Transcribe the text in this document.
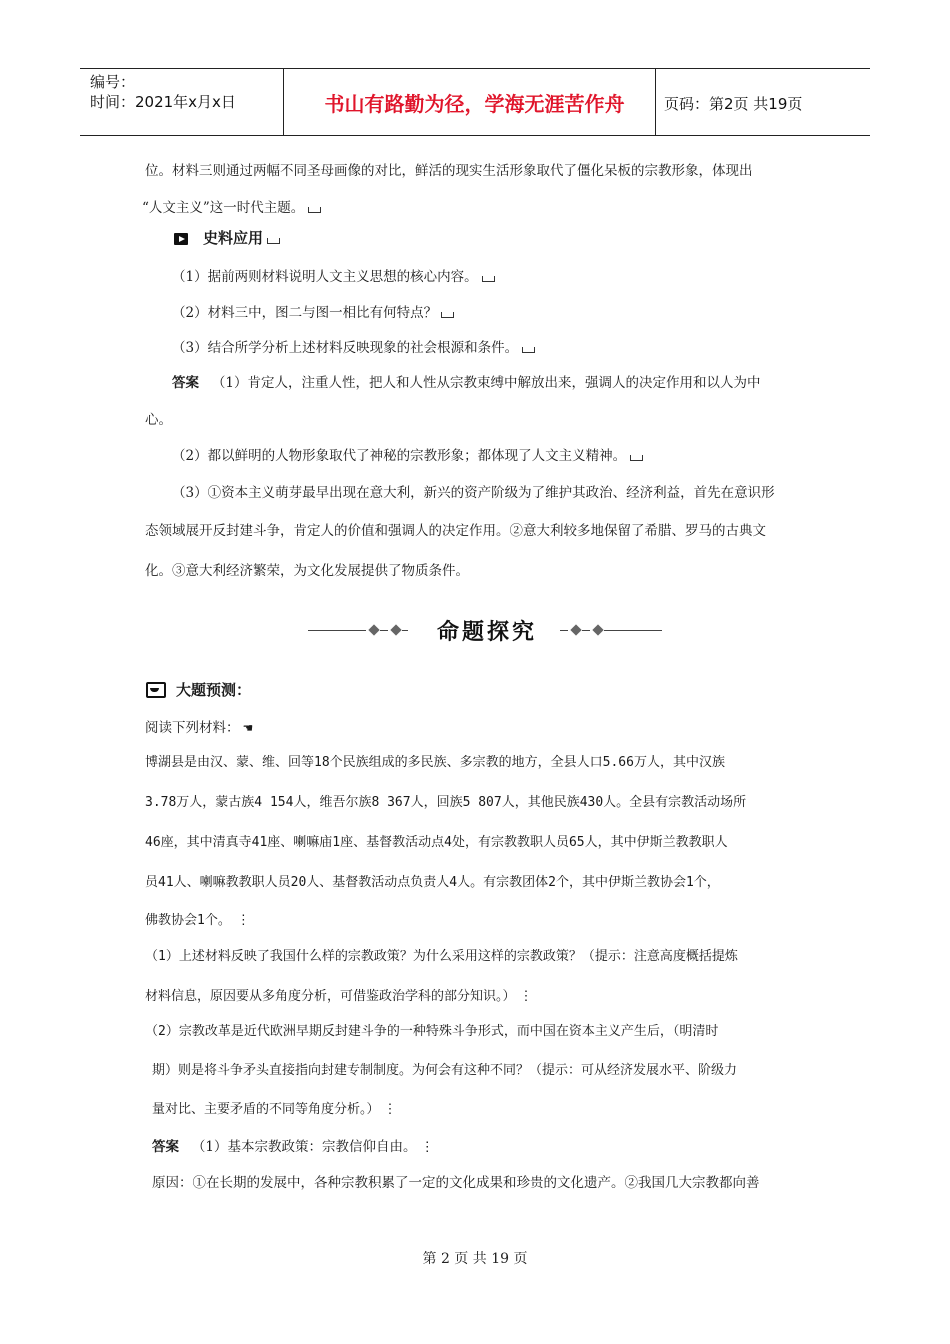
编号：
时间：2021年x月x日	书山有路勤为径，学海无涯苦作舟	页码：第2页 共19页
位。材料三则通过两幅不同圣母画像的对比，鲜活的现实生活形象取代了僵化呆板的宗教形象，体现出
“人文主义”这一时代主题。
史料应用
（1）据前两则材料说明人文主义思想的核心内容。
（2）材料三中，图二与图一相比有何特点？
（3）结合所学分析上述材料反映现象的社会根源和条件。
答案 （1）肯定人，注重人性，把人和人性从宗教束缚中解放出来，强调人的决定作用和以人为中
心。
（2）都以鲜明的人物形象取代了神秘的宗教形象；都体现了人文主义精神。
（3）①资本主义萌芽最早出现在意大利，新兴的资产阶级为了维护其政治、经济利益，首先在意识形
态领域展开反封建斗争，肯定人的价值和强调人的决定作用。②意大利较多地保留了希腊、罗马的古典文
化。③意大利经济繁荣，为文化发展提供了物质条件。
命题探究
大题预测：
阅读下列材料： ☚
博湖县是由汉、蒙、维、回等18个民族组成的多民族、多宗教的地方，全县人口5.66万人，其中汉族
3.78万人，蒙古族4 154人，维吾尔族8 367人，回族5 807人，其他民族430人。全县有宗教活动场所
46座，其中清真寺41座、喇嘛庙1座、基督教活动点4处，有宗教教职人员65人，其中伊斯兰教教职人
员41人、喇嘛教教职人员20人、基督教活动点负责人4人。有宗教团体2个，其中伊斯兰教协会1个，
佛教协会1个。 ⋮
（1）上述材料反映了我国什么样的宗教政策？为什么采用这样的宗教政策？（提示：注意高度概括提炼
材料信息，原因要从多角度分析，可借鉴政治学科的部分知识。） ⋮
（2）宗教改革是近代欧洲早期反封建斗争的一种特殊斗争形式，而中国在资本主义产生后，（明清时
期）则是将斗争矛头直接指向封建专制制度。为何会有这种不同？（提示：可从经济发展水平、阶级力
量对比、主要矛盾的不同等角度分析。） ⋮
答案 （1）基本宗教政策：宗教信仰自由。 ⋮
原因：①在长期的发展中，各种宗教积累了一定的文化成果和珍贵的文化遗产。②我国几大宗教都向善
第 2 页 共 19 页
